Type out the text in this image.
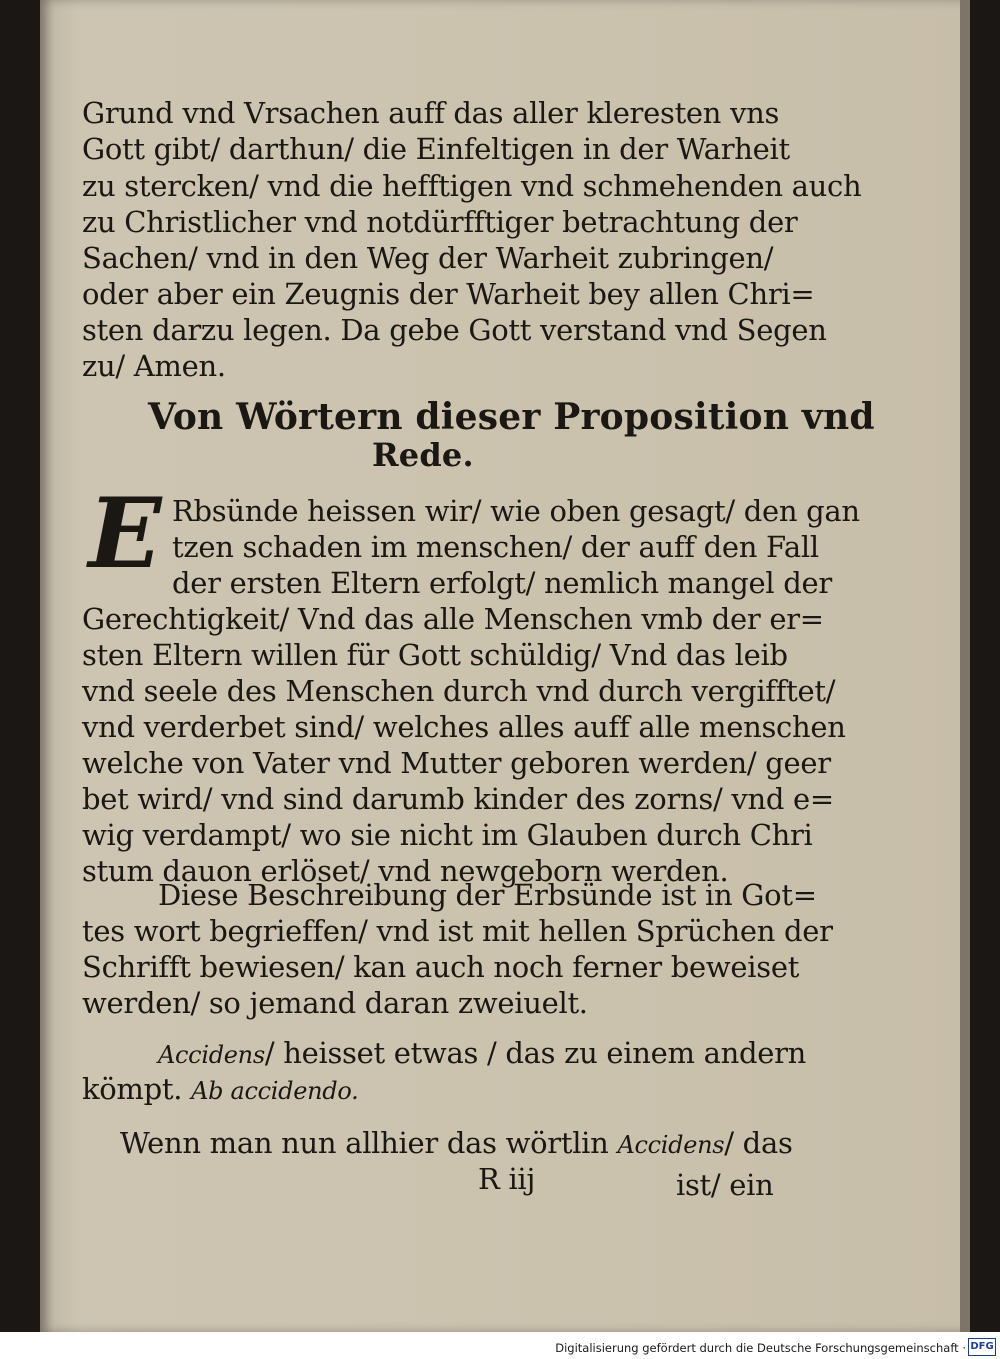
Grund vnd Vrsachen auff das aller kleresten vns
Gott gibt/ darthun/ die Einfeltigen in der Warheit
zu stercken/ vnd die hefftigen vnd schmehenden auch
zu Christlicher vnd notdürfftiger betrachtung der
Sachen/ vnd in den Weg der Warheit zubringen/
oder aber ein Zeugnis der Warheit bey allen Chri=
sten darzu legen. Da gebe Gott verstand vnd Segen
zu/ Amen.
Von Wörtern dieser Proposition vnd
Rede.
E Rbsünde heissen wir/ wie oben gesagt/ den gan
tzen schaden im menschen/ der auff den Fall
der ersten Eltern erfolgt/ nemlich mangel der
Gerechtigkeit/ Vnd das alle Menschen vmb der er=
sten Eltern willen für Gott schüldig/ Vnd das leib
vnd seele des Menschen durch vnd durch vergifftet/
vnd verderbet sind/ welches alles auff alle menschen
welche von Vater vnd Mutter geboren werden/ geer
bet wird/ vnd sind darumb kinder des zorns/ vnd e=
wig verdampt/ wo sie nicht im Glauben durch Chri
stum dauon erlöset/ vnd newgeborn werden.
Diese Beschreibung der Erbsünde ist in Got=
tes wort begrieffen/ vnd ist mit hellen Sprüchen der
Schrifft bewiesen/ kan auch noch ferner beweiset
werden/ so jemand daran zweiuelt.
Accidens/ heisset etwas / das zu einem andern
kömpt. Ab accidendo.
Wenn man nun allhier das wörtlin Accidens/ das
R iij	ist/ ein
Digitalisierung gefördert durch die Deutsche Forschungsgemeinschaft · DFG
